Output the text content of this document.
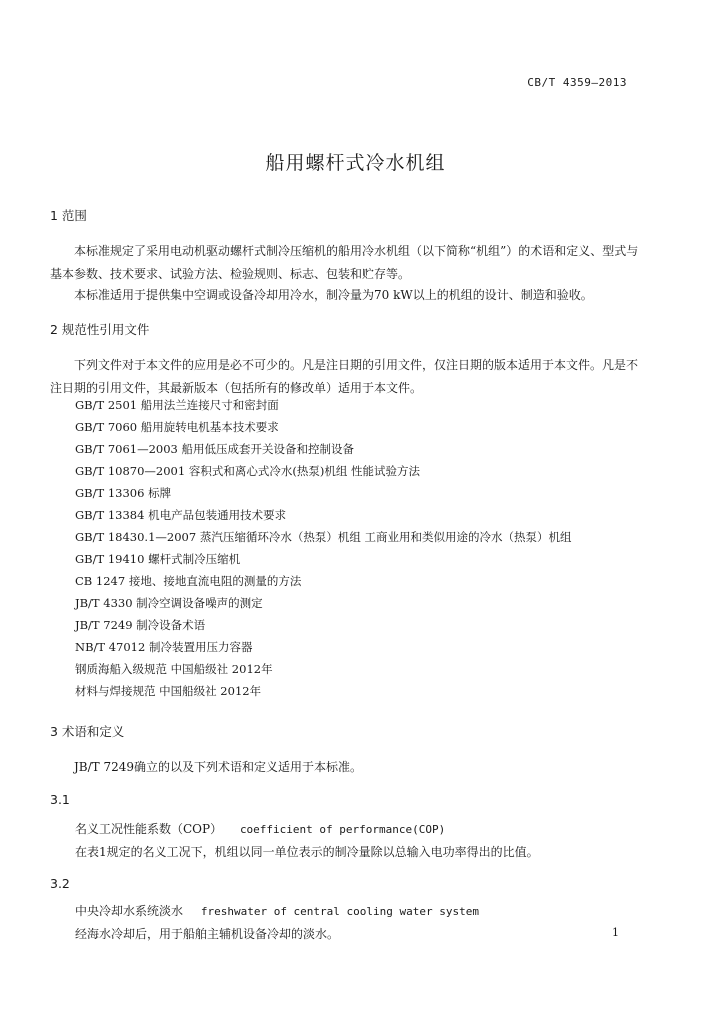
CB/T 4359—2013
船用螺杆式冷水机组
1 范围
本标准规定了采用电动机驱动螺杆式制冷压缩机的船用冷水机组（以下简称“机组”）的术语和定义、型式与基本参数、技术要求、试验方法、检验规则、标志、包装和贮存等。
本标准适用于提供集中空调或设备冷却用冷水，制冷量为70 kW以上的机组的设计、制造和验收。
2 规范性引用文件
下列文件对于本文件的应用是必不可少的。凡是注日期的引用文件，仅注日期的版本适用于本文件。凡是不注日期的引用文件，其最新版本（包括所有的修改单）适用于本文件。
GB/T 2501 船用法兰连接尺寸和密封面
GB/T 7060 船用旋转电机基本技术要求
GB/T 7061—2003 船用低压成套开关设备和控制设备
GB/T 10870—2001 容积式和离心式冷水(热泵)机组 性能试验方法
GB/T 13306 标牌
GB/T 13384 机电产品包装通用技术要求
GB/T 18430.1—2007 蒸汽压缩循环冷水（热泵）机组 工商业用和类似用途的冷水（热泵）机组
GB/T 19410 螺杆式制冷压缩机
CB 1247 接地、接地直流电阻的测量的方法
JB/T 4330 制冷空调设备噪声的测定
JB/T 7249 制冷设备术语
NB/T 47012 制冷装置用压力容器
钢质海船入级规范 中国船级社 2012年
材料与焊接规范 中国船级社 2012年
3 术语和定义
JB/T 7249确立的以及下列术语和定义适用于本标准。
3.1
名义工况性能系数（COP） coefficient of performance(COP)
在表1规定的名义工况下，机组以同一单位表示的制冷量除以总输入电功率得出的比值。
3.2
中央冷却水系统淡水 freshwater of central cooling water system
经海水冷却后，用于船舶主辅机设备冷却的淡水。	1
